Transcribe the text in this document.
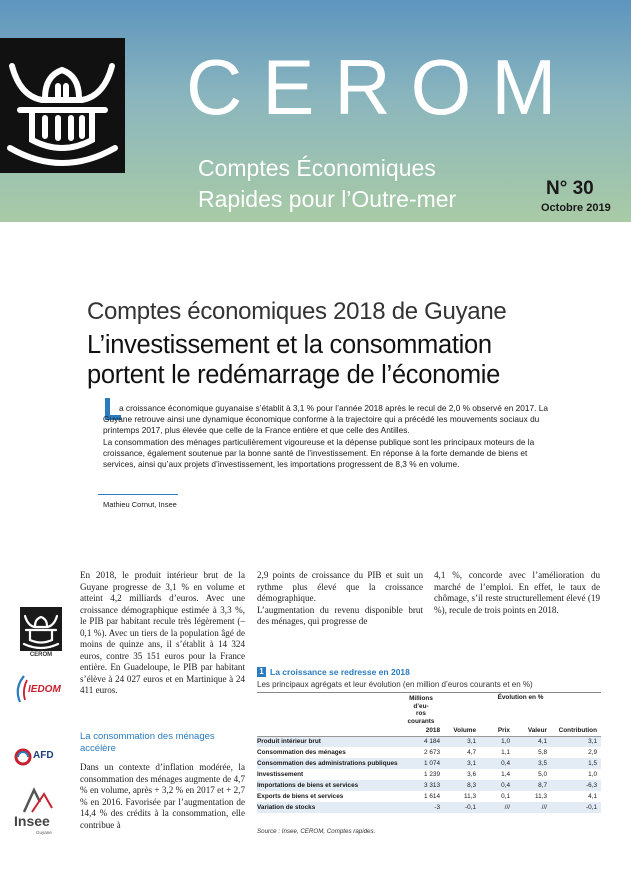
CEROM
Comptes Économiques
Rapides pour l’Outre-mer	N° 30
Octobre 2019
Comptes économiques 2018 de Guyane
L’investissement et la consommation
portent le redémarrage de l’économie

a croissance économique guyanaise s’établit à 3,1 % pour l’année 2018 après le recul de 2,0 % observé en 2017. La Guyane retrouve ainsi une dynamique économique conforme à la trajectoire qui a précédé les mouvements sociaux du printemps 2017, plus élevée que celle de la France entière et que celle des Antilles.

La consommation des ménages particulièrement vigoureuse et la dépense publique sont les principaux moteurs de la croissance, également soutenue par la bonne santé de l’investissement. En réponse à la forte demande de biens et services, ainsi qu’aux projets d’investissement, les importations progressent de 8,3 % en volume.

Mathieu Cornut, Insee
CEROM
IEDOM
AFD
Insee
Guyane
En 2018, le produit intérieur brut de la Guyane progresse de 3,1 % en volume et atteint 4,2 milliards d’euros. Avec une croissance démographique estimée à 3,3 %, le PIB par habitant recule très légèrement (– 0,1 %). Avec un tiers de la population âgé de moins de quinze ans, il s’établit à 14 324 euros, contre 35 151 euros pour la France entière. En Guadeloupe, le PIB par habitant s’élève à 24 027 euros et en Martinique à 24 411 euros.
La consommation des ménages
accélère
Dans un contexte d’inflation modérée, la consommation des ménages augmente de 4,7 % en volume, après + 3,2 % en 2017 et + 2,7 % en 2016. Favorisée par l’augmentation de 14,4 % des crédits à la consommation, elle contribue à
2,9 points de croissance du PIB et suit un rythme plus élevé que la croissance démographique.
L’augmentation du revenu disponible brut des ménages, qui progresse de
4,1 %, concorde avec l’amélioration du marché de l’emploi. En effet, le taux de chômage, s’il reste structurellement élevé (19 %), recule de trois points en 2018.
1 La croissance se redresse en 2018
Les principaux agrégats et leur évolution (en million d’euros courants et en %)

	Millions d’eu-
ros courants	Évolution en %			
	2018	Volume	Prix	Valeur	Contribution
Produit intérieur brut	4 184	3,1	1,0	4,1	3,1
Consommation des ménages	2 673	4,7	1,1	5,8	2,9
Consommation des administrations publiques	1 074	3,1	0,4	3,5	1,5
Investissement	1 239	3,6	1,4	5,0	1,0
Importations de biens et services	3 313	8,3	0,4	8,7	-6,3
Exports de biens et services	1 614	11,3	0,1	11,3	4,1
Variation de stocks	-3	-0,1	///	///	-0,1
Source : Insee, CEROM, Comptes rapides.
